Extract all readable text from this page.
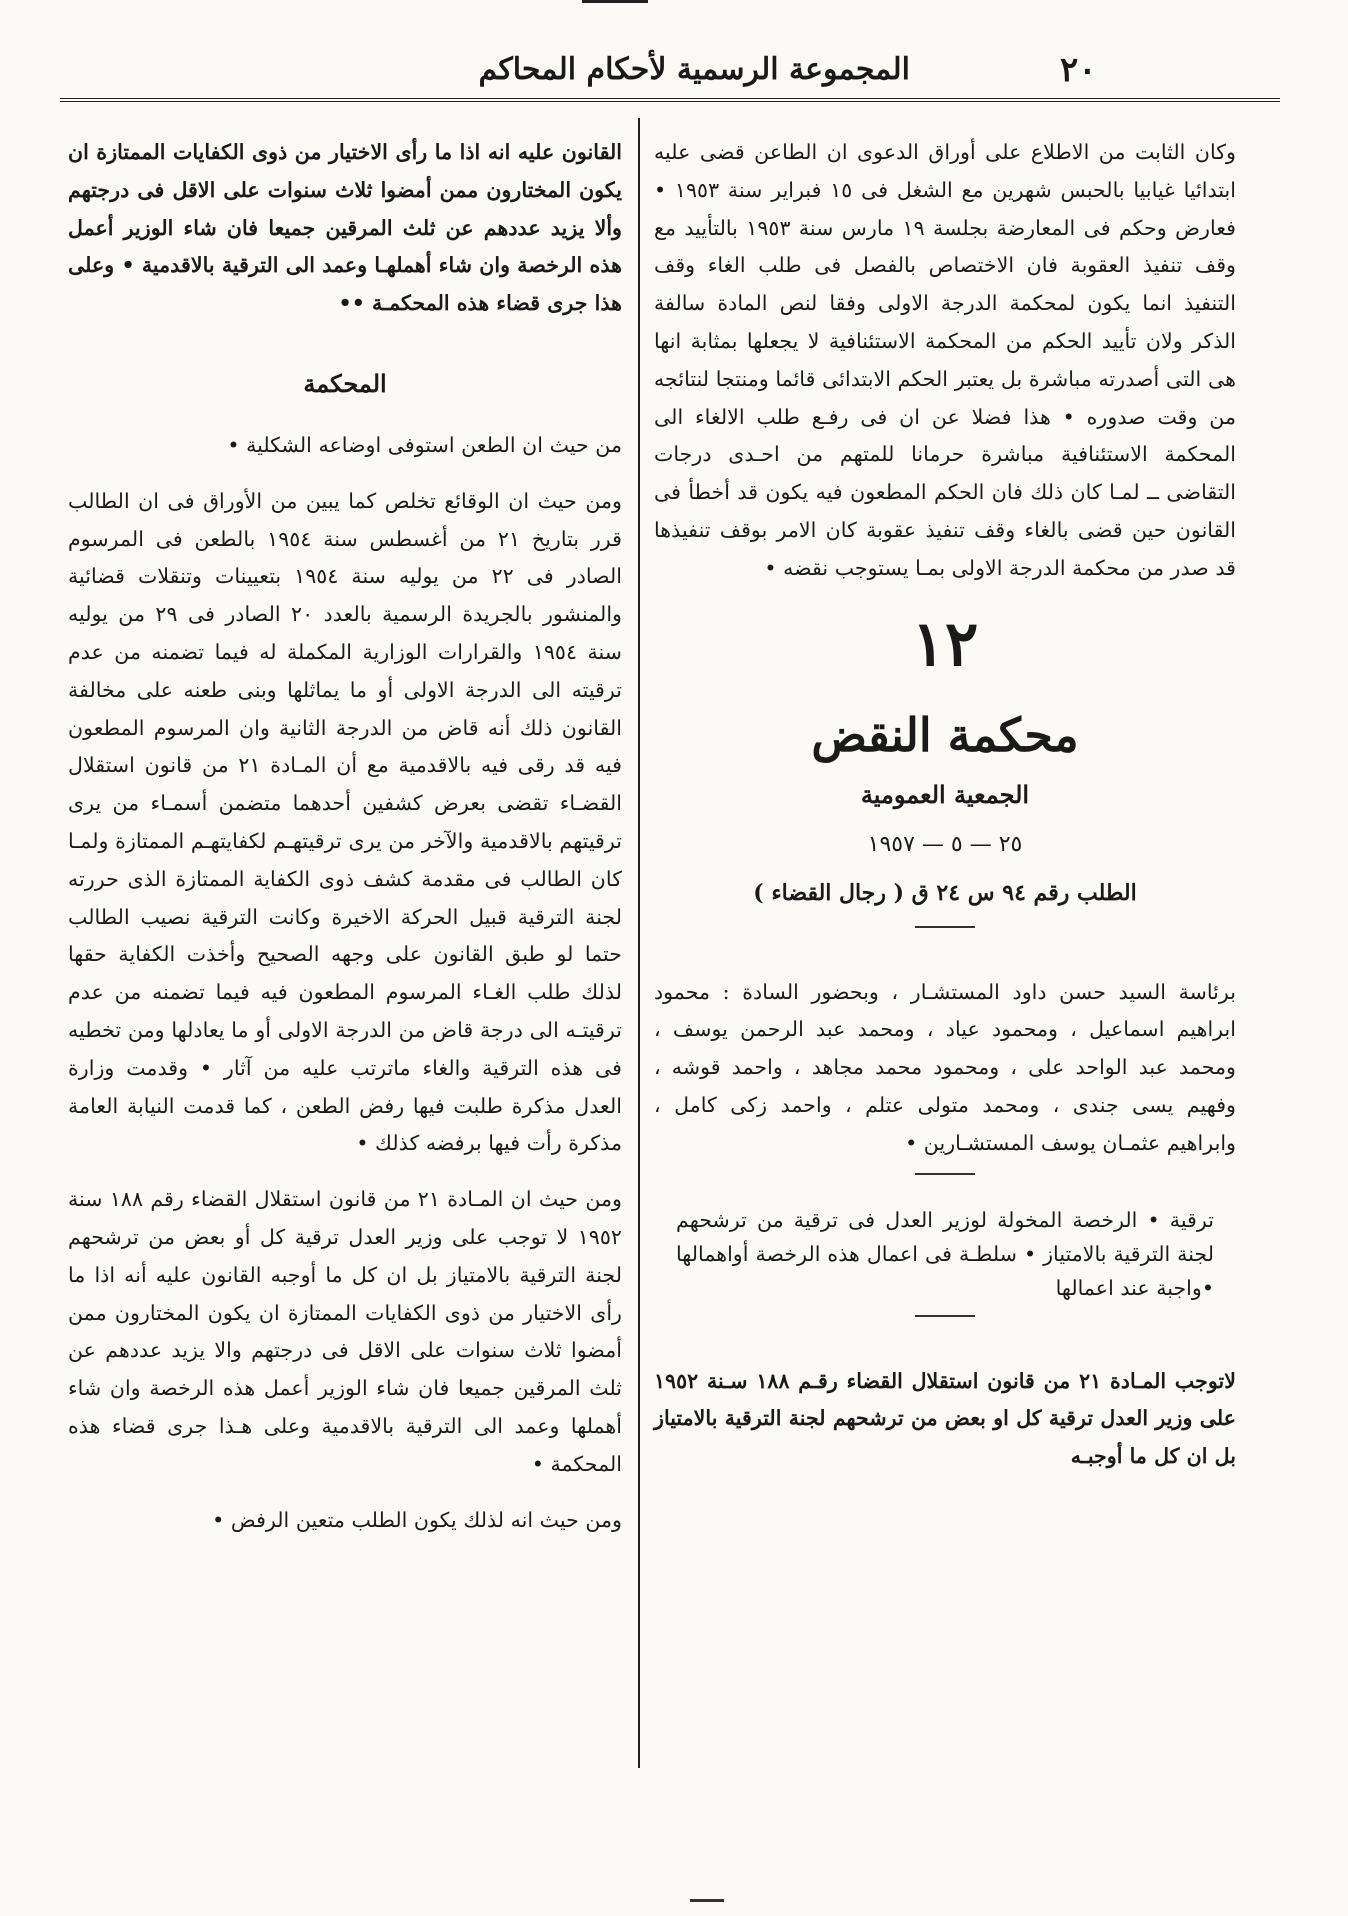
المجموعة الرسمية لأحكام المحاكم	٢٠

وكان الثابت من الاطلاع على أوراق الدعوى ان الطاعن قضى عليه ابتدائيا غيابيا بالحبس شهرين مع الشغل فى ١٥ فبراير سنة ١٩٥٣ • فعارض وحكم فى المعارضة بجلسة ١٩ مارس سنة ١٩٥٣ بالتأييد مع وقف تنفيذ العقوبة فان الاختصاص بالفصل فى طلب الغاء وقف التنفيذ انما يكون لمحكمة الدرجة الاولى وفقا لنص المادة سالفة الذكر ولان تأييد الحكم من المحكمة الاستئنافية لا يجعلها بمثابة انها هى التى أصدرته مباشرة بل يعتبر الحكم الابتدائى قائما ومنتجا لنتائجه من وقت صدوره • هذا فضلا عن ان فى رفـع طلب الالغاء الى المحكمة الاستئنافية مباشرة حرمانا للمتهم من احـدى درجات التقاضى ــ لمـا كان ذلك فان الحكم المطعون فيه يكون قد أخطأ فى القانون حين قضى بالغاء وقف تنفيذ عقوبة كان الامر بوقف تنفيذها قد صدر من محكمة الدرجة الاولى بمـا يستوجب نقضه •

١٢
محكمة النقض
الجمعية العمومية
٢٥ — ٥ — ١٩٥٧
الطلب رقم ٩٤ س ٢٤ ق ( رجال القضاء )

برئاسة السيد حسن داود المستشـار ، وبحضور السادة : محمود ابراهيم اسماعيل ، ومحمود عياد ، ومحمد عبد الرحمن يوسف ، ومحمد عبد الواحد على ، ومحمود محمد مجاهد ، واحمد قوشه ، وفهيم يسى جندى ، ومحمد متولى عتلم ، واحمد زكى كامل ، وابراهيم عثمـان يوسف المستشـارين •

ترقية • الرخصة المخولة لوزير العدل فى ترقية من ترشحهم لجنة الترقية بالامتياز • سلطـة فى اعمال هذه الرخصة أواهمالها •واجبة عند اعمالها

لاتوجب المـادة ٢١ من قانون استقلال القضاء رقـم ١٨٨ سـنة ١٩٥٢ على وزير العدل ترقية كل او بعض من ترشحهم لجنة الترقية بالامتياز بل ان كل ما أوجبـه

القانون عليه انه اذا ما رأى الاختيار من ذوى الكفايات الممتازة ان يكون المختارون ممن أمضوا ثلاث سنوات على الاقل فى درجتهم وألا يزيد عددهم عن ثلث المرقين جميعا فان شاء الوزير أعمل هذه الرخصة وان شاء أهملهـا وعمد الى الترقية بالاقدمية • وعلى هذا جرى قضاء هذه المحكمـة ••

المحكمة

من حيث ان الطعن استوفى اوضاعه الشكلية •

ومن حيث ان الوقائع تخلص كما يبين من الأوراق فى ان الطالب قرر بتاريخ ٢١ من أغسطس سنة ١٩٥٤ بالطعن فى المرسوم الصادر فى ٢٢ من يوليه سنة ١٩٥٤ بتعيينات وتنقلات قضائية والمنشور بالجريدة الرسمية بالعدد ٢٠ الصادر فى ٢٩ من يوليه سنة ١٩٥٤ والقرارات الوزارية المكملة له فيما تضمنه من عدم ترقيته الى الدرجة الاولى أو ما يماثلها وبنى طعنه على مخالفة القانون ذلك أنه قاض من الدرجة الثانية وان المرسوم المطعون فيه قد رقى فيه بالاقدمية مع أن المـادة ٢١ من قانون استقلال القضـاء تقضى بعرض كشفين أحدهما متضمن أسمـاء من يرى ترقيتهم بالاقدمية والآخر من يرى ترقيتهـم لكفايتهـم الممتازة ولمـا كان الطالب فى مقدمة كشف ذوى الكفاية الممتازة الذى حررته لجنة الترقية قبيل الحركة الاخيرة وكانت الترقية نصيب الطالب حتما لو طبق القانون على وجهه الصحيح وأخذت الكفاية حقها لذلك طلب الغـاء المرسوم المطعون فيه فيما تضمنه من عدم ترقيتـه الى درجة قاض من الدرجة الاولى أو ما يعادلها ومن تخطيه فى هذه الترقية والغاء ماترتب عليه من آثار • وقدمت وزارة العدل مذكرة طلبت فيها رفض الطعن ، كما قدمت النيابة العامة مذكرة رأت فيها برفضه كذلك •

ومن حيث ان المـادة ٢١ من قانون استقلال القضاء رقم ١٨٨ سنة ١٩٥٢ لا توجب على وزير العدل ترقية كل أو بعض من ترشحهم لجنة الترقية بالامتياز بل ان كل ما أوجبه القانون عليه أنه اذا ما رأى الاختيار من ذوى الكفايات الممتازة ان يكون المختارون ممن أمضوا ثلاث سنوات على الاقل فى درجتهم والا يزيد عددهم عن ثلث المرقين جميعا فان شاء الوزير أعمل هذه الرخصة وان شاء أهملها وعمد الى الترقية بالاقدمية وعلى هـذا جرى قضاء هذه المحكمة •

ومن حيث انه لذلك يكون الطلب متعين الرفض •
